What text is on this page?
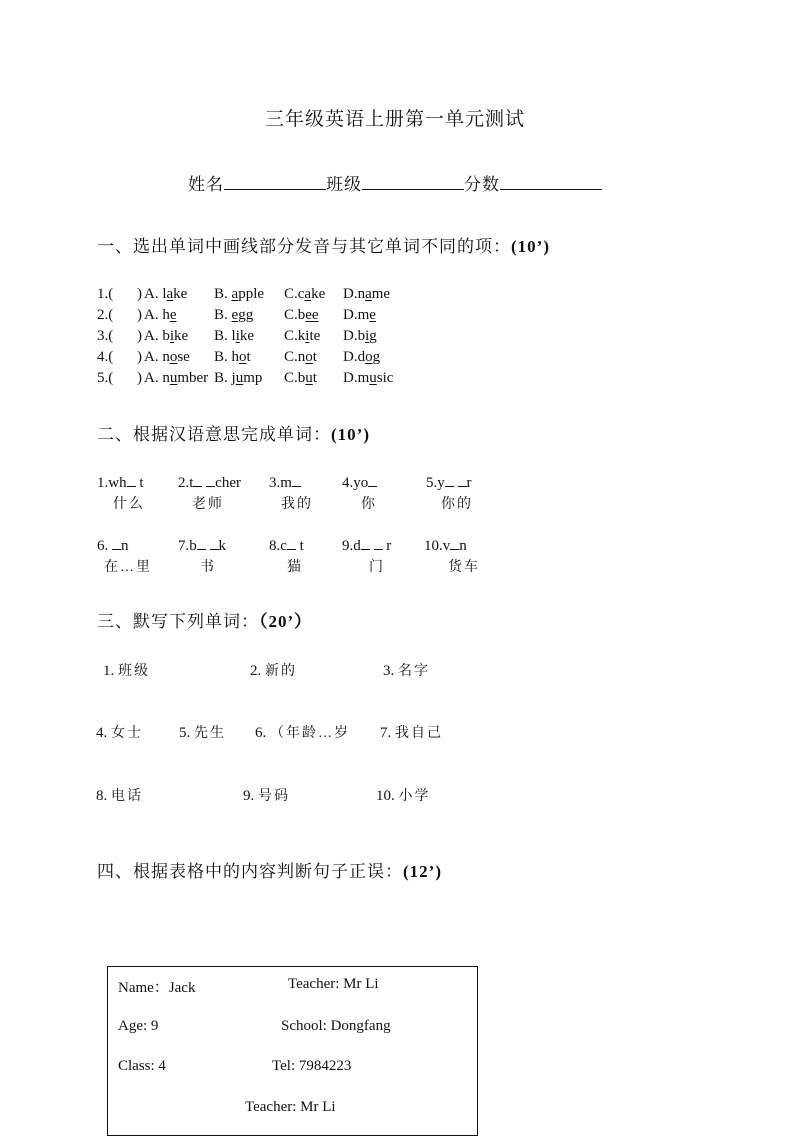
三年级英语上册第一单元测试
姓名	班级	分数
一、选出单词中画线部分发音与其它单词不同的项：(10’)
1.( ) A. lake B. apple C.cake D.name
2.( ) A. he B. egg C.bee D.me
3.( ) A. bike B. like C.kite D.big
4.( ) A. nose B. hot C.not D.dog
5.( ) A. number B. jump C.but D.music
二、根据汉语意思完成单词：(10’)
1.wh t
什么
2.t cher
老师
3.m
我的
4.yo
你
5.y r
你的
6. n
在…里
7.b k
书
8.c t
猫
9.d  r
门
10.v n
货车
三、默写下列单词：（20’）
1. 班级	2. 新的	3. 名字
4. 女士 5. 先生 6. （年龄…岁 7. 我自己
8. 电话	9. 号码	10. 小学
四、根据表格中的内容判断句子正误：(12’)
Name：Jack	Teacher: Mr Li
Age: 9	School: Dongfang
Class: 4	Tel: 7984223
Teacher: Mr Li
